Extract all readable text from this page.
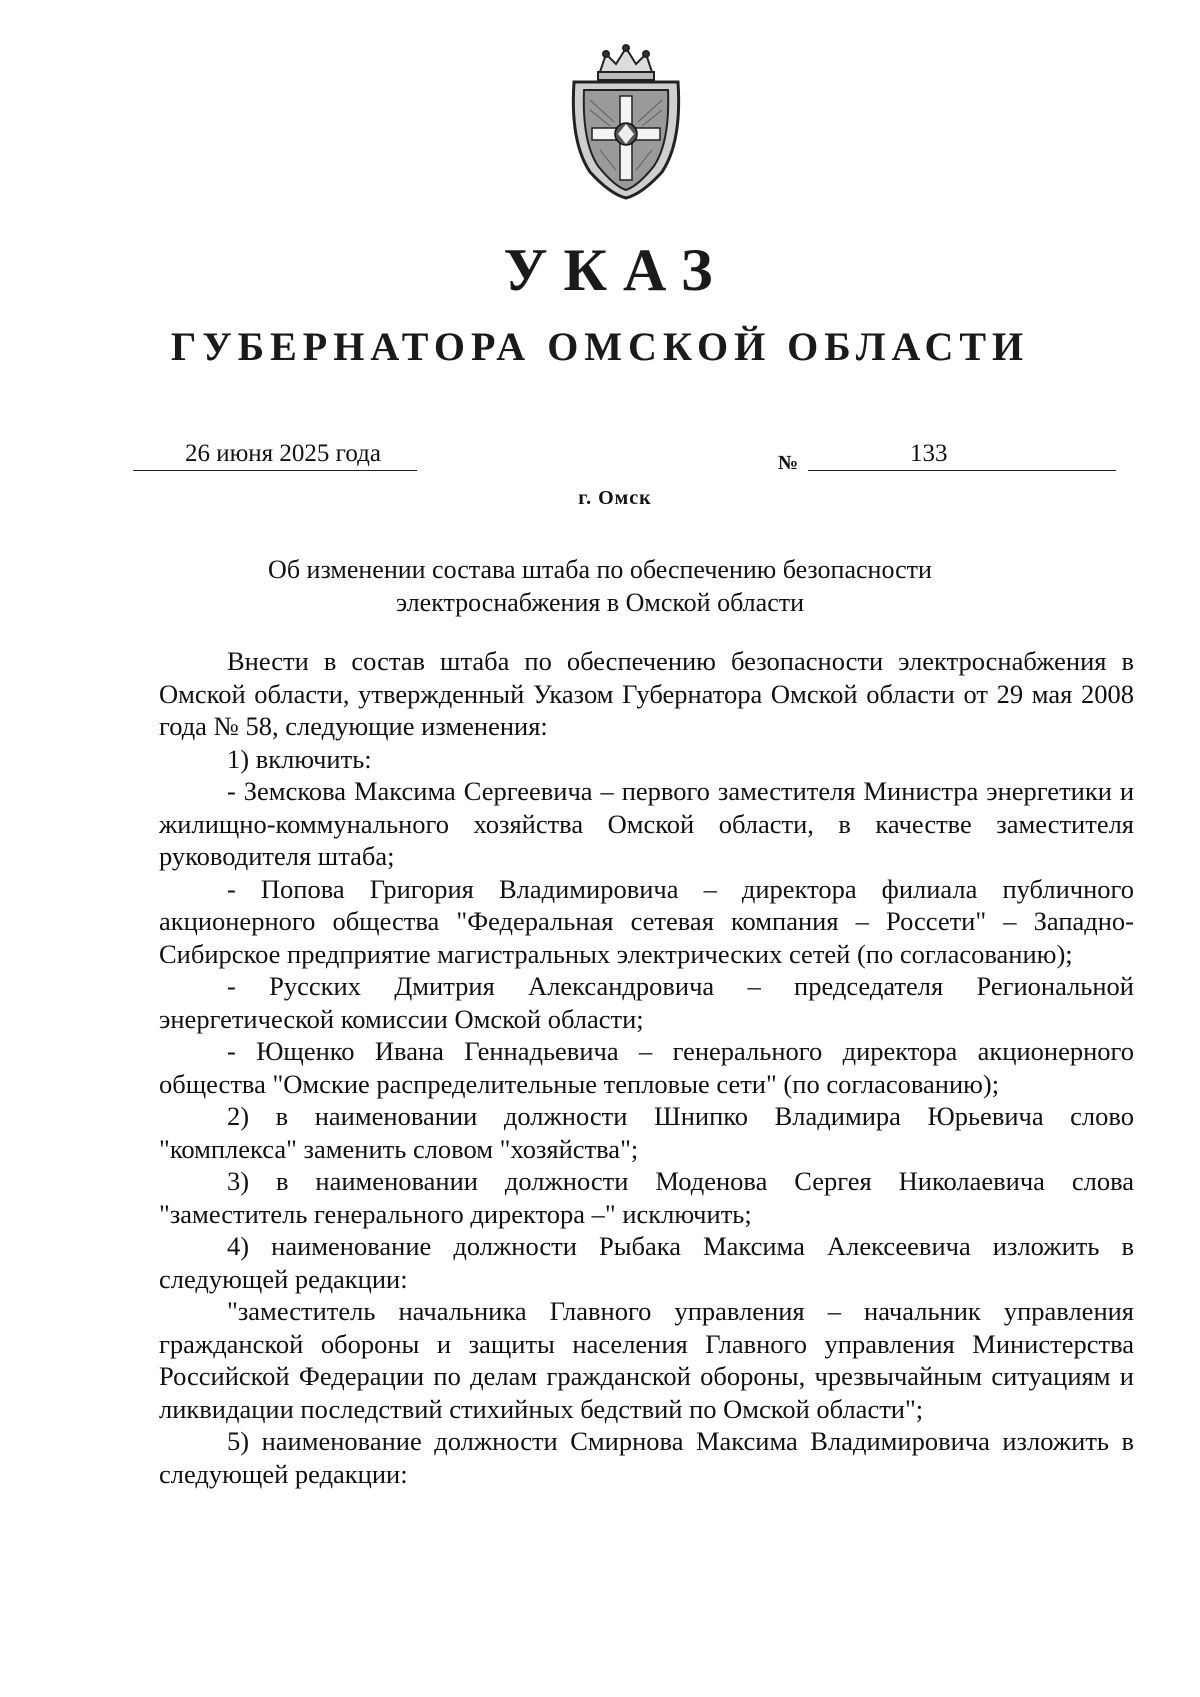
УКАЗ
ГУБЕРНАТОРА ОМСКОЙ ОБЛАСТИ
26 июня 2025 года	№	133
г. Омск
Об изменении состава штаба по обеспечению безопасности
электроснабжения в Омской области

Внести в состав штаба по обеспечению безопасности электроснабжения в Омской области, утвержденный Указом Губернатора Омской области от 29 мая 2008 года № 58, следующие изменения:

1) включить:

- Земскова Максима Сергеевича – первого заместителя Министра энергетики и жилищно-коммунального хозяйства Омской области, в качестве заместителя руководителя штаба;

- Попова Григория Владимировича – директора филиала публичного акционерного общества "Федеральная сетевая компания – Россети" – Западно-Сибирское предприятие магистральных электрических сетей (по согласованию);

- Русских Дмитрия Александровича – председателя Региональной энергетической комиссии Омской области;

- Ющенко Ивана Геннадьевича – генерального директора акционерного общества "Омские распределительные тепловые сети" (по согласованию);

2) в наименовании должности Шнипко Владимира Юрьевича слово "комплекса" заменить словом "хозяйства";

3) в наименовании должности Моденова Сергея Николаевича слова "заместитель генерального директора –" исключить;

4) наименование должности Рыбака Максима Алексеевича изложить в следующей редакции:

"заместитель начальника Главного управления – начальник управления гражданской обороны и защиты населения Главного управления Министерства Российской Федерации по делам гражданской обороны, чрезвычайным ситуациям и ликвидации последствий стихийных бедствий по Омской области";

5) наименование должности Смирнова Максима Владимировича изложить в следующей редакции:
